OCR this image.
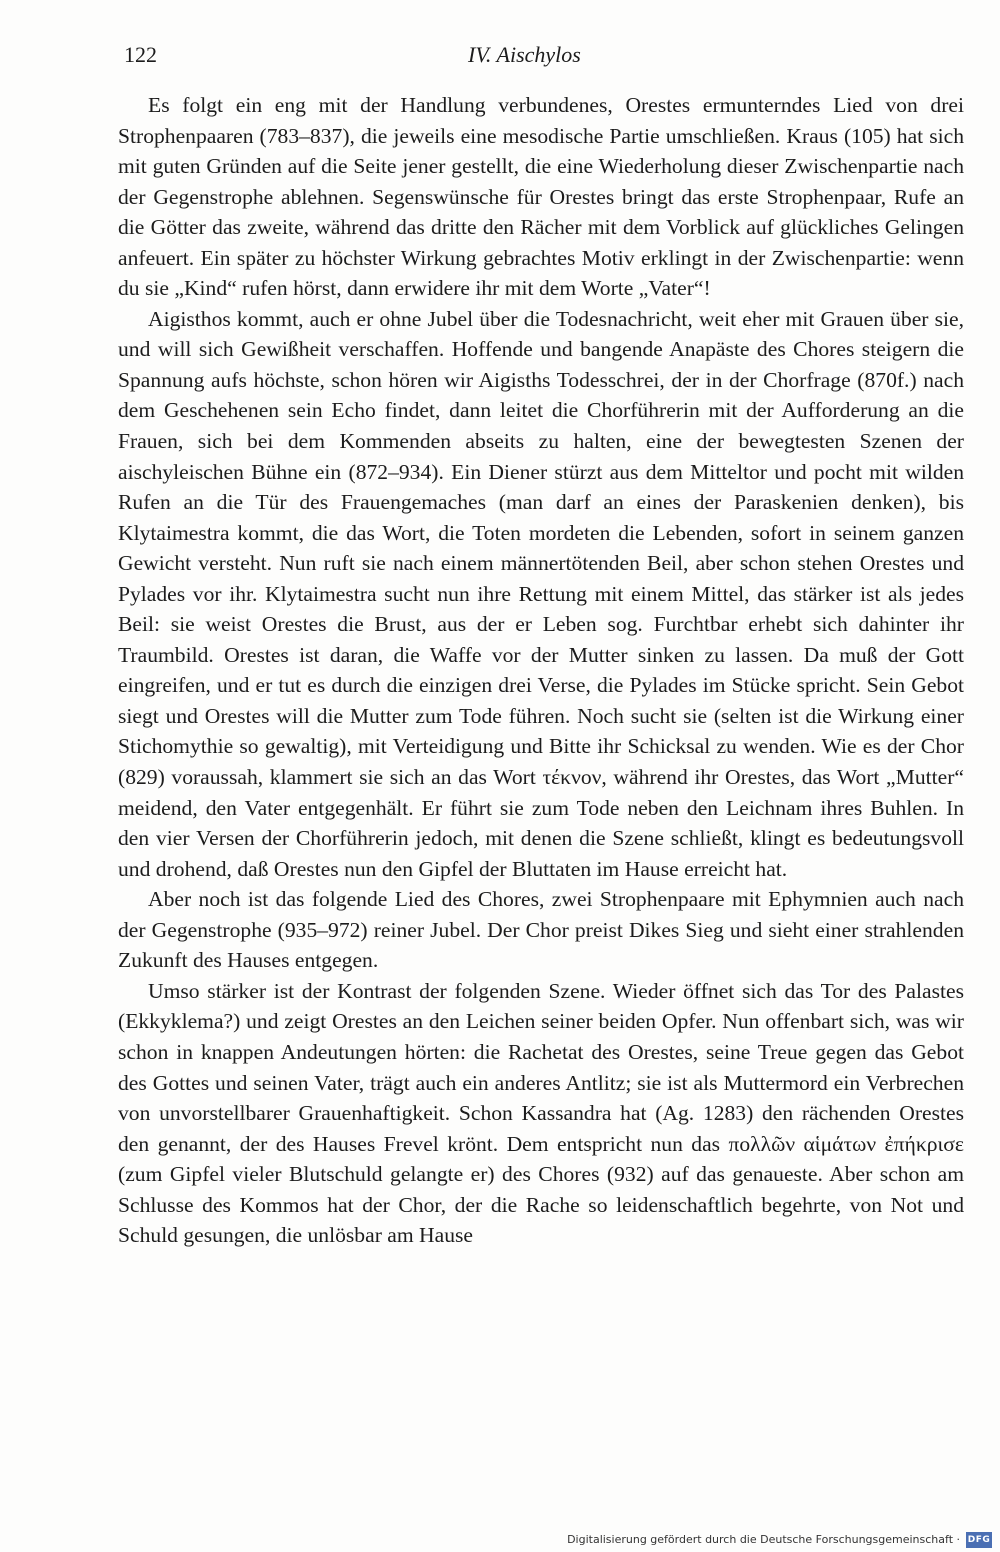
122	IV. Aischylos

Es folgt ein eng mit der Handlung verbundenes, Orestes ermunterndes Lied von drei Strophenpaaren (783–837), die jeweils eine mesodische Partie umschließen. Kraus (105) hat sich mit guten Gründen auf die Seite jener gestellt, die eine Wiederholung dieser Zwischenpartie nach der Gegenstrophe ablehnen. Segenswünsche für Orestes bringt das erste Strophenpaar, Rufe an die Götter das zweite, während das dritte den Rächer mit dem Vorblick auf glückliches Gelingen anfeuert. Ein später zu höchster Wirkung gebrachtes Motiv erklingt in der Zwischenpartie: wenn du sie „Kind“ rufen hörst, dann erwidere ihr mit dem Worte „Vater“!

Aigisthos kommt, auch er ohne Jubel über die Todesnachricht, weit eher mit Grauen über sie, und will sich Gewißheit verschaffen. Hoffende und bangende Anapäste des Chores steigern die Spannung aufs höchste, schon hören wir Aigisths Todesschrei, der in der Chorfrage (870f.) nach dem Geschehenen sein Echo findet, dann leitet die Chorführerin mit der Aufforderung an die Frauen, sich bei dem Kommenden abseits zu halten, eine der bewegtesten Szenen der aischyleischen Bühne ein (872–934). Ein Diener stürzt aus dem Mitteltor und pocht mit wilden Rufen an die Tür des Frauengemaches (man darf an eines der Paraskenien denken), bis Klytaimestra kommt, die das Wort, die Toten mordeten die Lebenden, sofort in seinem ganzen Gewicht versteht. Nun ruft sie nach einem männertötenden Beil, aber schon stehen Orestes und Pylades vor ihr. Klytaimestra sucht nun ihre Rettung mit einem Mittel, das stärker ist als jedes Beil: sie weist Orestes die Brust, aus der er Leben sog. Furchtbar erhebt sich dahinter ihr Traumbild. Orestes ist daran, die Waffe vor der Mutter sinken zu lassen. Da muß der Gott eingreifen, und er tut es durch die einzigen drei Verse, die Pylades im Stücke spricht. Sein Gebot siegt und Orestes will die Mutter zum Tode führen. Noch sucht sie (selten ist die Wirkung einer Stichomythie so gewaltig), mit Verteidigung und Bitte ihr Schicksal zu wenden. Wie es der Chor (829) voraussah, klammert sie sich an das Wort τέκνον, während ihr Orestes, das Wort „Mutter“ meidend, den Vater entgegenhält. Er führt sie zum Tode neben den Leichnam ihres Buhlen. In den vier Versen der Chorführerin jedoch, mit denen die Szene schließt, klingt es bedeutungsvoll und drohend, daß Orestes nun den Gipfel der Bluttaten im Hause erreicht hat.

Aber noch ist das folgende Lied des Chores, zwei Strophenpaare mit Ephymnien auch nach der Gegenstrophe (935–972) reiner Jubel. Der Chor preist Dikes Sieg und sieht einer strahlenden Zukunft des Hauses entgegen.

Umso stärker ist der Kontrast der folgenden Szene. Wieder öffnet sich das Tor des Palastes (Ekkyklema?) und zeigt Orestes an den Leichen seiner beiden Opfer. Nun offenbart sich, was wir schon in knappen Andeutungen hörten: die Rachetat des Orestes, seine Treue gegen das Gebot des Gottes und seinen Vater, trägt auch ein anderes Antlitz; sie ist als Muttermord ein Verbrechen von unvorstellbarer Grauenhaftigkeit. Schon Kassandra hat (Ag. 1283) den rächenden Orestes den genannt, der des Hauses Frevel krönt. Dem entspricht nun das πολλῶν αἱμάτων ἐπήκρισε (zum Gipfel vieler Blutschuld gelangte er) des Chores (932) auf das genaueste. Aber schon am Schlusse des Kommos hat der Chor, der die Rache so leidenschaftlich begehrte, von Not und Schuld gesungen, die unlösbar am Hause

Digitalisierung gefördert durch die Deutsche Forschungsgemeinschaft · DFG
